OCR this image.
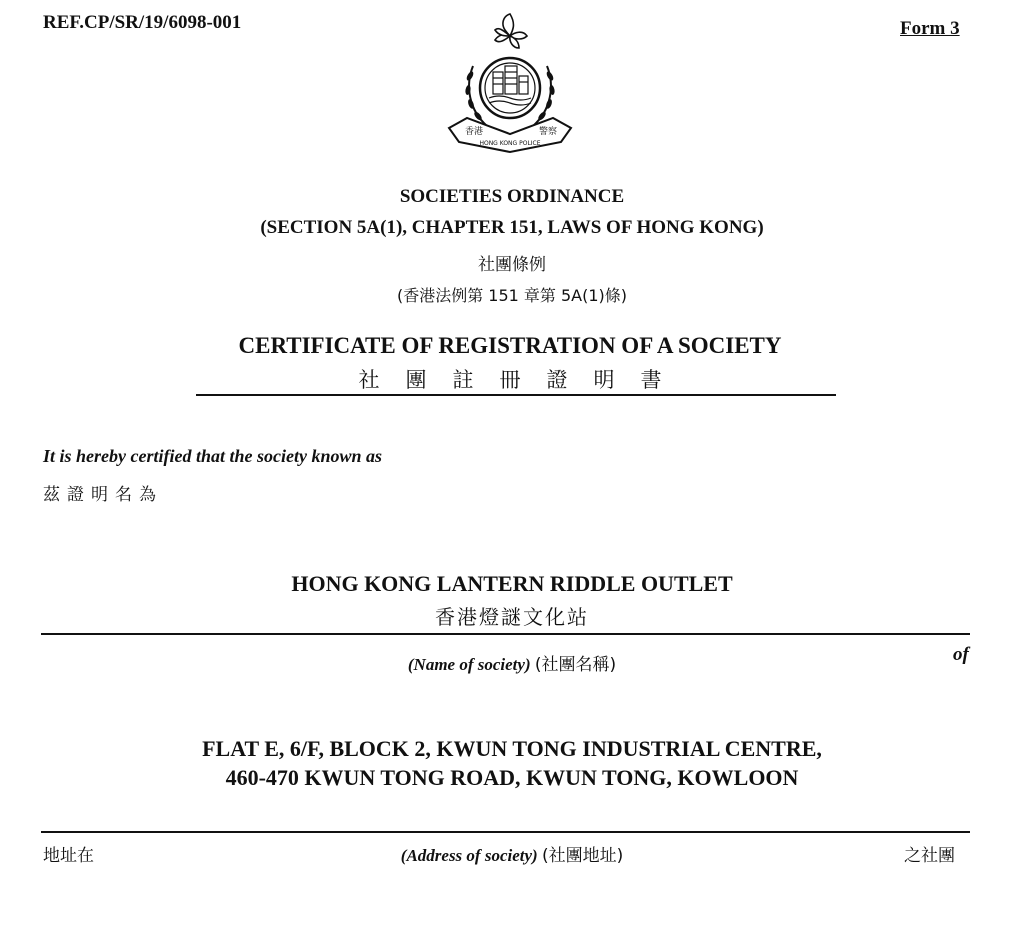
REF.CP/SR/19/6098-001	Form 3
香港	警察
HONG KONG POLICE
SOCIETIES ORDINANCE
(SECTION 5A(1), CHAPTER 151, LAWS OF HONG KONG)
社團條例
(香港法例第 151 章第 5A(1)條)
CERTIFICATE OF REGISTRATION OF A SOCIETY
社團註冊證明書
It is hereby certified that the society known as
茲證明名為
HONG KONG LANTERN RIDDLE OUTLET
香港燈謎文化站
(Name of society) (社團名稱)	of
FLAT E, 6/F, BLOCK 2, KWUN TONG INDUSTRIAL CENTRE,
460-470 KWUN TONG ROAD, KWUN TONG, KOWLOON
地址在	(Address of society) (社團地址)	之社團
